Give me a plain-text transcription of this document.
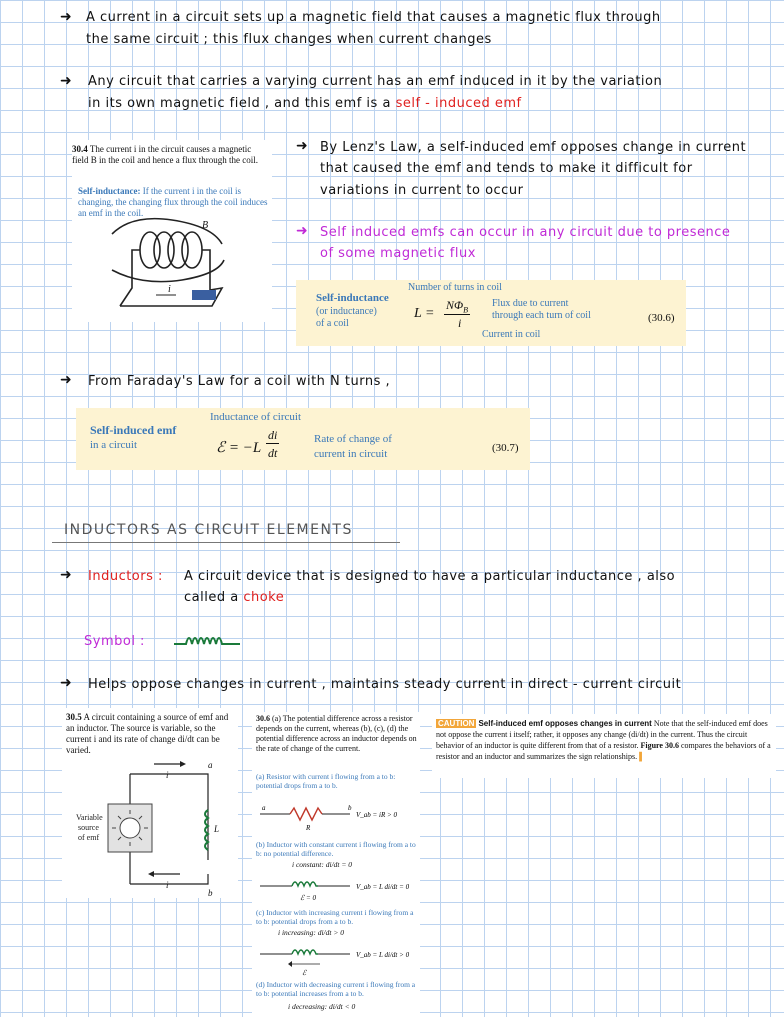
➜ A current in a circuit sets up a magnetic field that causes a magnetic flux through
the same circuit ; this flux changes when current changes
➜ Any circuit that carries a varying current has an emf induced in it by the variation
in its own magnetic field , and this emf is a self - induced emf
30.4 The current i in the circuit causes a magnetic field B in the coil and hence a flux through the coil.
Self-inductance: If the current i in the coil is changing, the changing flux through the coil induces an emf in the coil.
B
i
➜ By Lenz's Law, a self-induced emf opposes change in current
that caused the emf and tends to make it difficult for
variations in current to occur
➜ Self induced emfs can occur in any circuit due to presence
of some magnetic flux
Self-inductance
(or inductance)
of a coil
Number of turns in coil
L =
$N\Phi_B$
i
Flux due to current
through each turn of coil
Current in coil
(30.6)
➜ From Faraday's Law for a coil with N turns ,
Self-induced emf
in a circuit
Inductance of circuit
ℰ = −L
di
dt
Rate of change of
current in circuit	(30.7)
INDUCTORS AS CIRCUIT ELEMENTS
➜ Inductors : A circuit device that is designed to have a particular inductance , also
called a choke
Symbol :
➜ Helps oppose changes in current , maintains steady current in direct - current circuit
30.5 A circuit containing a source of emf and an inductor. The source is variable, so the current i and its rate of change di/dt can be varied.
a
b
L
i
i
Variable
source
of emf
30.6 (a) The potential difference across a resistor depends on the current, whereas (b), (c), (d) the potential difference across an inductor depends on the rate of change of the current.
(a) Resistor with current i flowing from a to b: potential drops from a to b.
a	b
R
V_ab = iR > 0
(b) Inductor with constant current i flowing from a to b: no potential difference.
i constant: di/dt = 0
V_ab = L di/dt = 0
ℰ = 0
(c) Inductor with increasing current i flowing from a to b: potential drops from a to b.
i increasing: di/dt > 0
ℰ
V_ab = L di/dt > 0
(d) Inductor with decreasing current i flowing from a to b: potential increases from a to b.
i decreasing: di/dt < 0
CAUTION Self-induced emf opposes changes in current Note that the self-induced emf does not oppose the current i itself; rather, it opposes any change (di/dt) in the current. Thus the circuit behavior of an inductor is quite different from that of a resistor. Figure 30.6 compares the behaviors of a resistor and an inductor and summarizes the sign relationships. ▌
